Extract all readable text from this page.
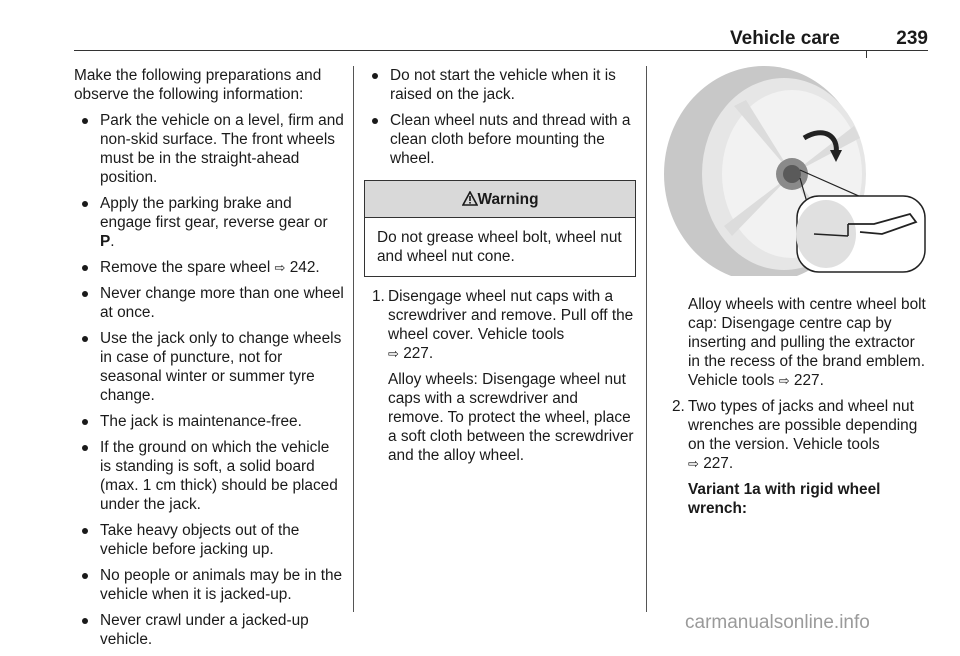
Vehicle care	239

Make the following preparations and observe the following information:

Park the vehicle on a level, firm and non-skid surface. The front wheels must be in the straight-ahead position.
Apply the parking brake and engage first gear, reverse gear or P.
Remove the spare wheel ⇨ 242.
Never change more than one wheel at once.
Use the jack only to change wheels in case of puncture, not for seasonal winter or summer tyre change.
The jack is maintenance-free.
If the ground on which the vehicle is standing is soft, a solid board (max. 1 cm thick) should be placed under the jack.
Take heavy objects out of the vehicle before jacking up.
No people or animals may be in the vehicle when it is jacked-up.
Never crawl under a jacked-up vehicle.
Do not start the vehicle when it is raised on the jack.
Clean wheel nuts and thread with a clean cloth before mounting the wheel.
Warning
Do not grease wheel bolt, wheel nut and wheel nut cone.
1. Disengage wheel nut caps with a screwdriver and remove. Pull off the wheel cover. Vehicle tools
⇨ 227.
Alloy wheels: Disengage wheel nut caps with a screwdriver and remove. To protect the wheel, place a soft cloth between the screwdriver and the alloy wheel.
Alloy wheels with centre wheel bolt cap: Disengage centre cap by inserting and pulling the extractor in the recess of the brand emblem. Vehicle tools ⇨ 227.
2. Two types of jacks and wheel nut wrenches are possible depending on the version. Vehicle tools
⇨ 227.
Variant 1a with rigid wheel wrench:
carmanualsonline.info
